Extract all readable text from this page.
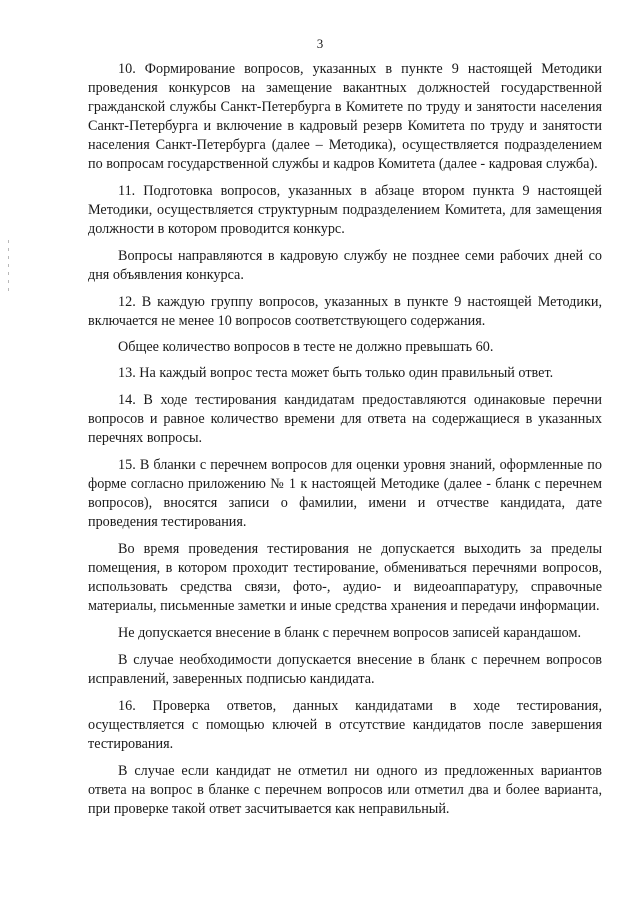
3

10. Формирование вопросов, указанных в пункте 9 настоящей Методики проведения конкурсов на замещение вакантных должностей государственной гражданской службы Санкт-Петербурга в Комитете по труду и занятости населения Санкт-Петербурга и включение в кадровый резерв Комитета по труду и занятости населения Санкт-Петербурга (далее – Методика), осуществляется подразделением по вопросам государственной службы и кадров Комитета (далее - кадровая служба).

11. Подготовка вопросов, указанных в абзаце втором пункта 9 настоящей Методики, осуществляется структурным подразделением Комитета, для замещения должности в котором проводится конкурс.

Вопросы направляются в кадровую службу не позднее семи рабочих дней со дня объявления конкурса.

12. В каждую группу вопросов, указанных в пункте 9 настоящей Методики, включается не менее 10 вопросов соответствующего содержания.

Общее количество вопросов в тесте не должно превышать 60.

13. На каждый вопрос теста может быть только один правильный ответ.

14. В ходе тестирования кандидатам предоставляются одинаковые перечни вопросов и равное количество времени для ответа на содержащиеся в указанных перечнях вопросы.

15. В бланки с перечнем вопросов для оценки уровня знаний, оформленные по форме согласно приложению № 1 к настоящей Методике (далее - бланк с перечнем вопросов), вносятся записи о фамилии, имени и отчестве кандидата, дате проведения тестирования.

Во время проведения тестирования не допускается выходить за пределы помещения, в котором проходит тестирование, обмениваться перечнями вопросов, использовать средства связи, фото-, аудио- и видеоаппаратуру, справочные материалы, письменные заметки и иные средства хранения и передачи информации.

Не допускается внесение в бланк с перечнем вопросов записей карандашом.

В случае необходимости допускается внесение в бланк с перечнем вопросов исправлений, заверенных подписью кандидата.

16. Проверка ответов, данных кандидатами в ходе тестирования, осуществляется с помощью ключей в отсутствие кандидатов после завершения тестирования.

В случае если кандидат не отметил ни одного из предложенных вариантов ответа на вопрос в бланке с перечнем вопросов или отметил два и более варианта, при проверке такой ответ засчитывается как неправильный.
